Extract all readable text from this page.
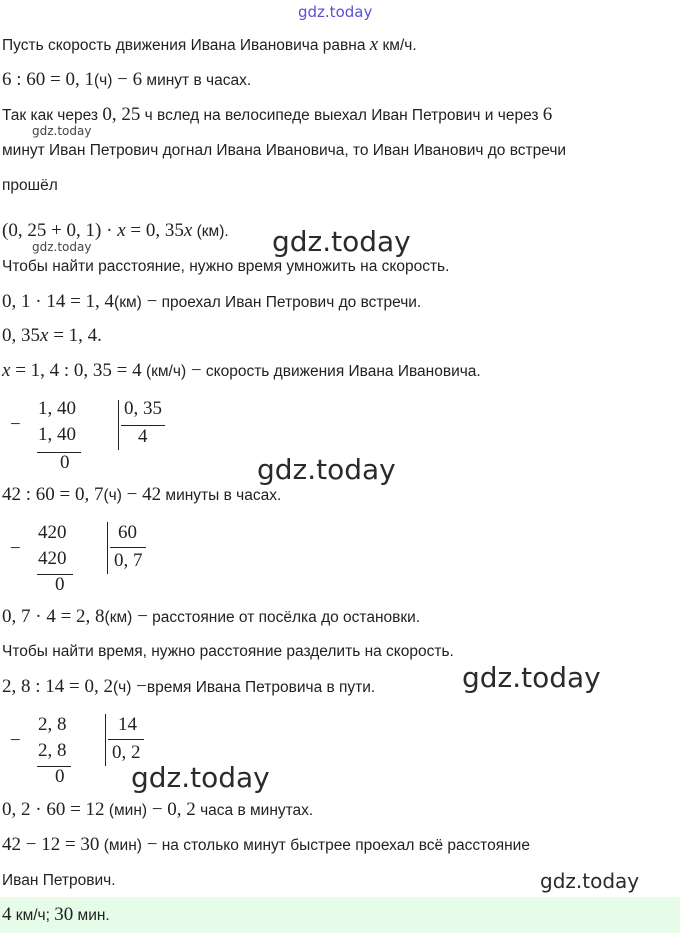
gdz.today
gdz.today
gdz.today	gdz.today
gdz.today
gdz.today
gdz.today
gdz.today
Пусть скорость движения Ивана Ивановича равна x км/ч.
6 : 60 = 0, 1(ч) − 6 минут в часах.
Так как через 0, 25 ч вслед на велосипеде выехал Иван Петрович и через 6
минут Иван Петрович догнал Ивана Ивановича, то Иван Иванович до встречи
прошёл
(0, 25 + 0, 1) · x = 0, 35x (км).
Чтобы найти расстояние, нужно время умножить на скорость.
0, 1 · 14 = 1, 4(км) − проехал Иван Петрович до встречи.
0, 35x = 1, 4.
x = 1, 4 : 0, 35 = 4 (км/ч) − скорость движения Ивана Ивановича.
−
1, 40
1, 40
0
0, 35
4
42 : 60 = 0, 7(ч) − 42 минуты в часах.
−
420
420
0
60
0, 7
0, 7 · 4 = 2, 8(км) − расстояние от посёлка до остановки.
Чтобы найти время, нужно расстояние разделить на скорость.
2, 8 : 14 = 0, 2(ч) −время Ивана Петровича в пути.
−
2, 8
2, 8
0
14
0, 2
0, 2 · 60 = 12 (мин) − 0, 2 часа в минутах.
42 − 12 = 30 (мин) − на столько минут быстрее проехал всё расстояние
Иван Петрович.
4 км/ч; 30 мин.
